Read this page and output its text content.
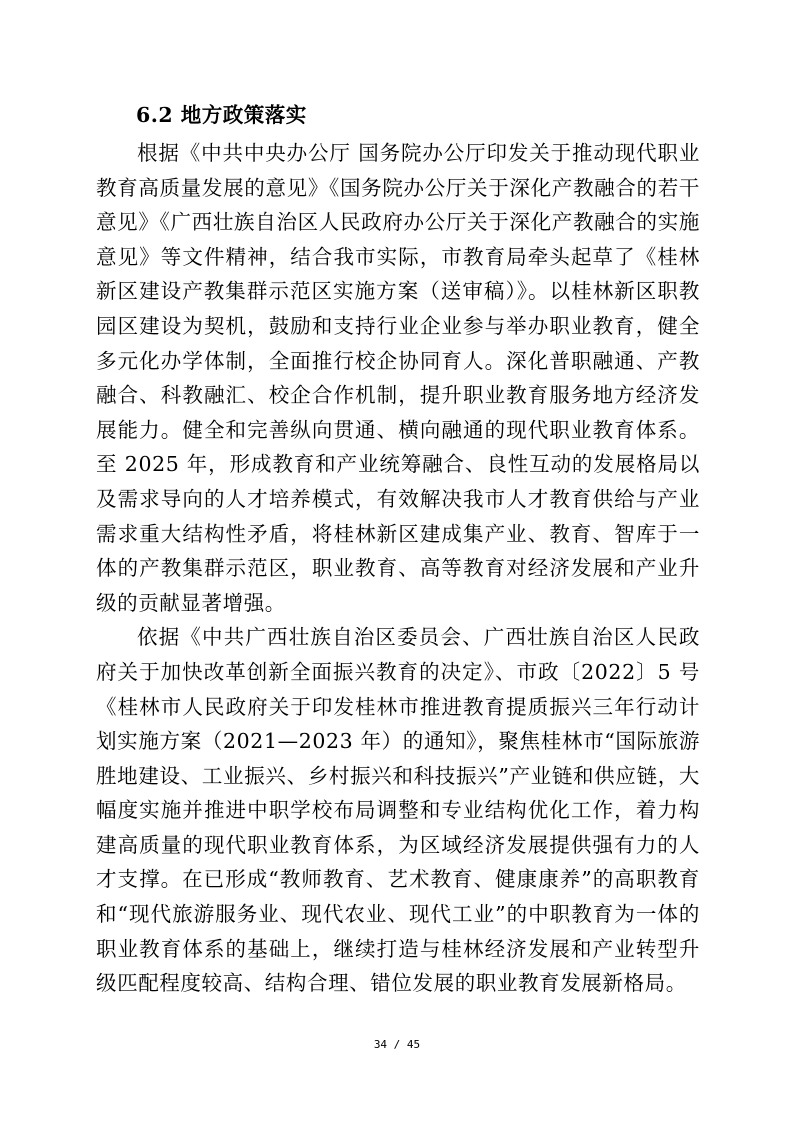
6.2 地方政策落实

根据《中共中央办公厅 国务院办公厅印发关于推动现代职业教育高质量发展的意见》《国务院办公厅关于深化产教融合的若干意见》《广西壮族自治区人民政府办公厅关于深化产教融合的实施意见》等文件精神，结合我市实际，市教育局牵头起草了《桂林新区建设产教集群示范区实施方案（送审稿）》。以桂林新区职教园区建设为契机，鼓励和支持行业企业参与举办职业教育，健全多元化办学体制，全面推行校企协同育人。深化普职融通、产教融合、科教融汇、校企合作机制，提升职业教育服务地方经济发展能力。健全和完善纵向贯通、横向融通的现代职业教育体系。至 2025 年，形成教育和产业统筹融合、良性互动的发展格局以及需求导向的人才培养模式，有效解决我市人才教育供给与产业需求重大结构性矛盾，将桂林新区建成集产业、教育、智库于一体的产教集群示范区，职业教育、高等教育对经济发展和产业升级的贡献显著增强。

依据《中共广西壮族自治区委员会、广西壮族自治区人民政府关于加快改革创新全面振兴教育的决定》、市政〔2022〕5 号《桂林市人民政府关于印发桂林市推进教育提质振兴三年行动计划实施方案（2021—2023 年）的通知》，聚焦桂林市“国际旅游胜地建设、工业振兴、乡村振兴和科技振兴”产业链和供应链，大幅度实施并推进中职学校布局调整和专业结构优化工作，着力构建高质量的现代职业教育体系，为区域经济发展提供强有力的人才支撑。在已形成“教师教育、艺术教育、健康康养”的高职教育和“现代旅游服务业、现代农业、现代工业”的中职教育为一体的职业教育体系的基础上，继续打造与桂林经济发展和产业转型升级匹配程度较高、结构合理、错位发展的职业教育发展新格局。

34 / 45
